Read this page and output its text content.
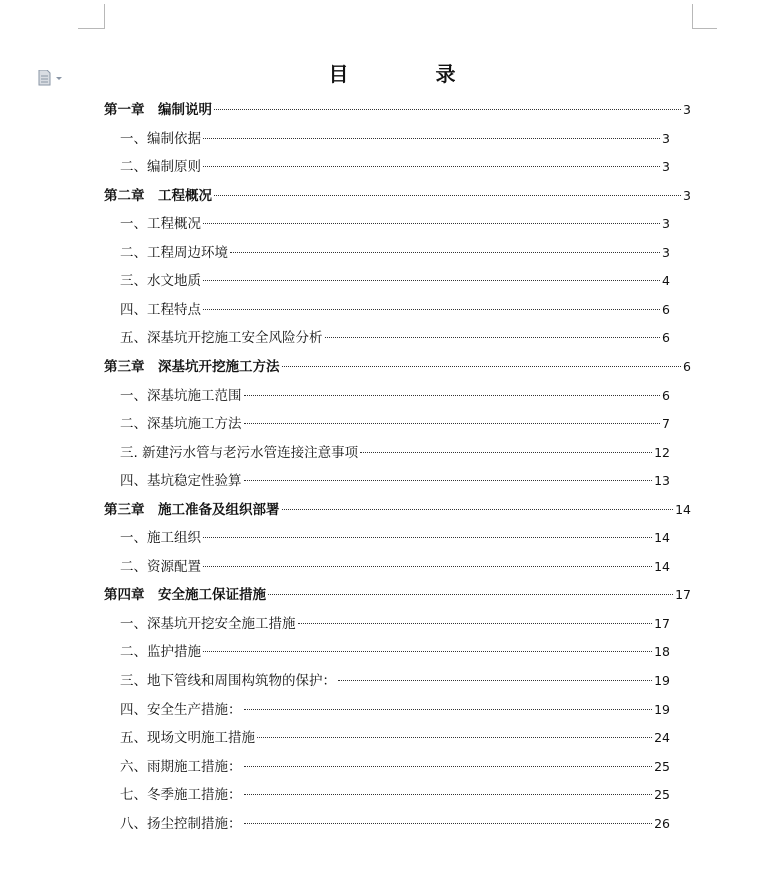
目 录
第一章　编制说明	3
一、编制依据	3
二、编制原则	3
第二章　工程概况	3
一、工程概况	3
二、工程周边环境	3
三、水文地质	4
四、工程特点	6
五、深基坑开挖施工安全风险分析	6
第三章　深基坑开挖施工方法	6
一、深基坑施工范围	6
二、深基坑施工方法	7
三. 新建污水管与老污水管连接注意事项	12
四、基坑稳定性验算	13
第三章　施工准备及组织部署	14
一、施工组织	14
二、资源配置	14
第四章　安全施工保证措施	17
一、深基坑开挖安全施工措施	17
二、监护措施	18
三、地下管线和周围构筑物的保护：	19
四、安全生产措施：	19
五、现场文明施工措施	24
六、雨期施工措施：	25
七、冬季施工措施：	25
八、扬尘控制措施：	26
